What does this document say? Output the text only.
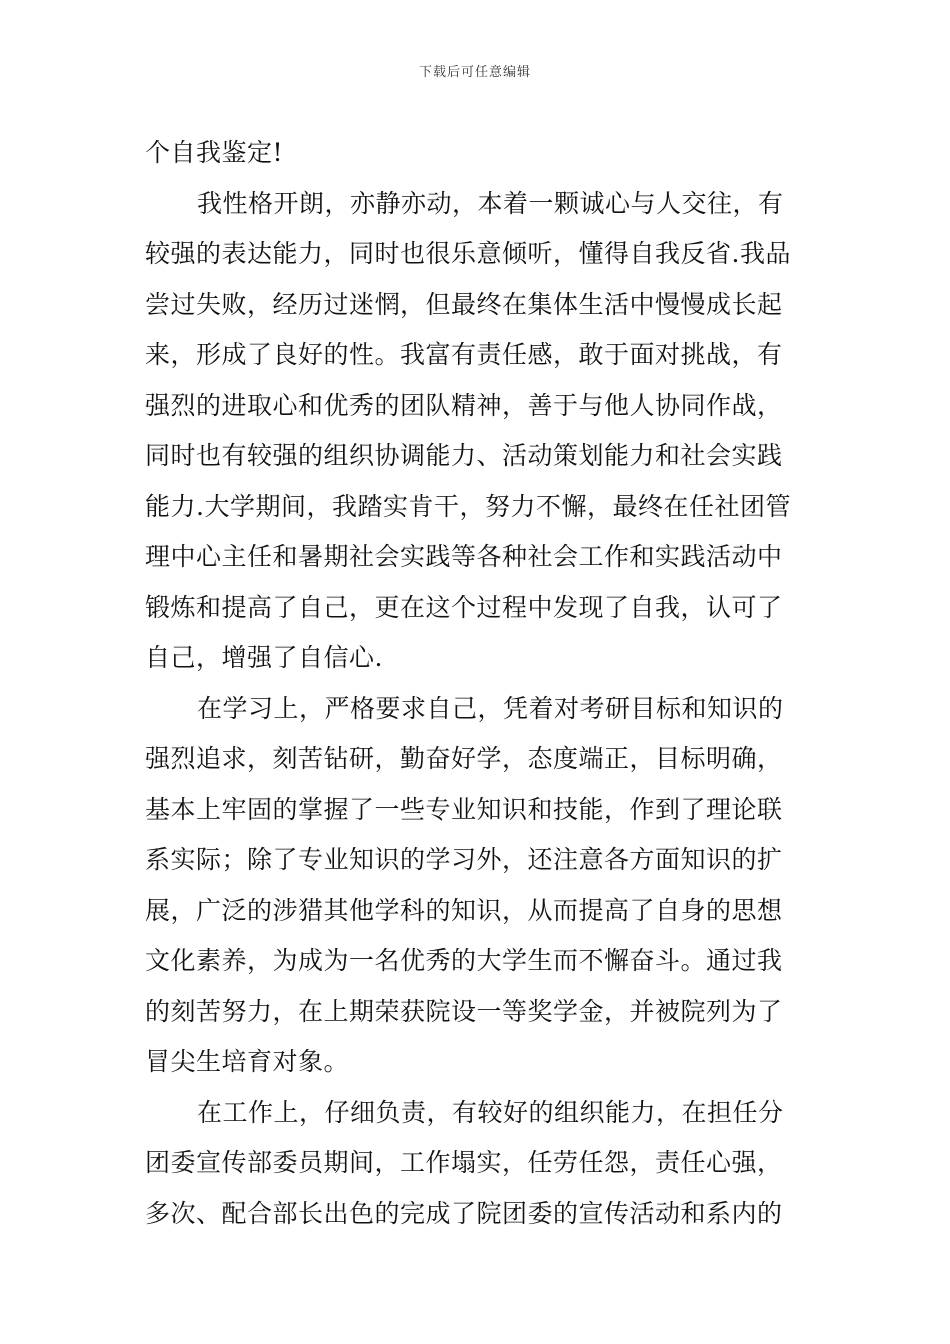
下载后可任意编辑
个自我鉴定!
我性格开朗，亦静亦动，本着一颗诚心与人交往，有
较强的表达能力，同时也很乐意倾听，懂得自我反省.我品
尝过失败，经历过迷惘，但最终在集体生活中慢慢成长起
来，形成了良好的性。我富有责任感，敢于面对挑战，有
强烈的进取心和优秀的团队精神，善于与他人协同作战，
同时也有较强的组织协调能力、活动策划能力和社会实践
能力.大学期间，我踏实肯干，努力不懈，最终在任社团管
理中心主任和暑期社会实践等各种社会工作和实践活动中
锻炼和提高了自己，更在这个过程中发现了自我，认可了
自己，增强了自信心.
在学习上，严格要求自己，凭着对考研目标和知识的
强烈追求，刻苦钻研，勤奋好学，态度端正，目标明确，
基本上牢固的掌握了一些专业知识和技能，作到了理论联
系实际；除了专业知识的学习外，还注意各方面知识的扩
展，广泛的涉猎其他学科的知识，从而提高了自身的思想
文化素养，为成为一名优秀的大学生而不懈奋斗。通过我
的刻苦努力，在上期荣获院设一等奖学金，并被院列为了
冒尖生培育对象。
在工作上，仔细负责，有较好的组织能力，在担任分
团委宣传部委员期间，工作塌实，任劳任怨，责任心强，
多次、配合部长出色的完成了院团委的宣传活动和系内的
